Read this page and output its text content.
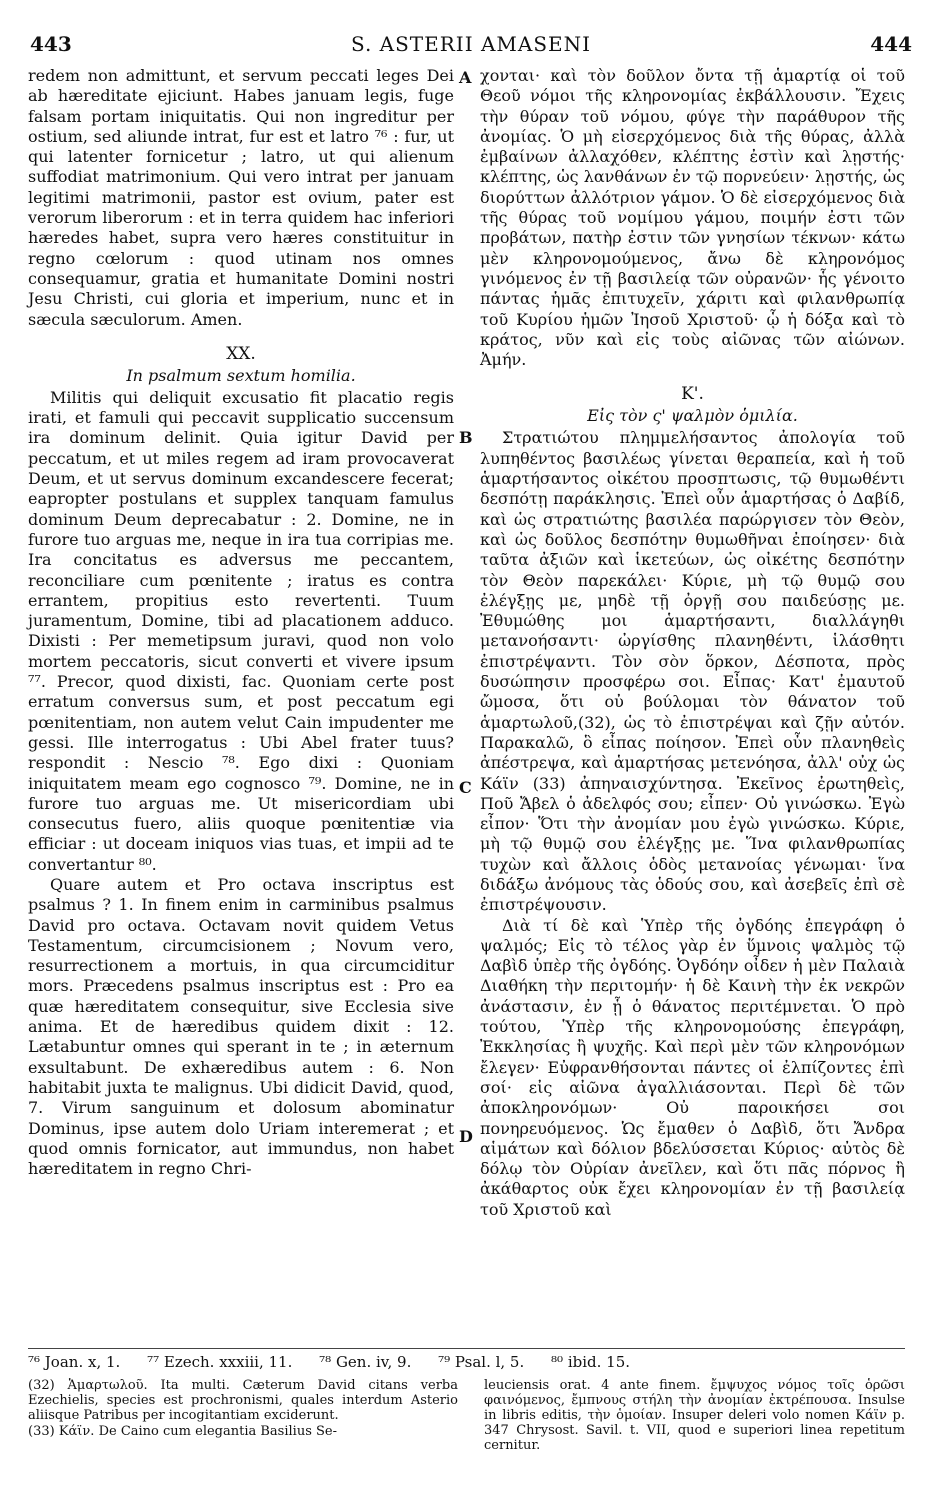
443	S. ASTERII AMASENI	444
A
B
C
D

redem non admittunt, et servum peccati leges Dei ab hæreditate ejiciunt. Habes januam legis, fuge falsam portam iniquitatis. Qui non ingreditur per ostium, sed aliunde intrat, fur est et latro ⁷⁶ : fur, ut qui latenter fornicetur ; latro, ut qui alienum suffodiat matrimonium. Qui vero intrat per januam legitimi matrimonii, pastor est ovium, pater est verorum liberorum : et in terra quidem hac inferiori hæredes habet, supra vero hæres constituitur in regno cœlorum : quod utinam nos omnes consequamur, gratia et humanitate Domini nostri Jesu Christi, cui gloria et imperium, nunc et in sæcula sæculorum. Amen.

XX.
In psalmum sextum homilia.

Militis qui deliquit excusatio fit placatio regis irati, et famuli qui peccavit supplicatio succensum ira dominum delinit. Quia igitur David per peccatum, et ut miles regem ad iram provocaverat Deum, et ut servus dominum excandescere fecerat; eapropter postulans et supplex tanquam famulus dominum Deum deprecabatur : 2. Domine, ne in furore tuo arguas me, neque in ira tua corripias me. Ira concitatus es adversus me peccantem, reconciliare cum pœnitente ; iratus es contra errantem, propitius esto revertenti. Tuum juramentum, Domine, tibi ad placationem adduco. Dixisti : Per memetipsum juravi, quod non volo mortem peccatoris, sicut converti et vivere ipsum ⁷⁷. Precor, quod dixisti, fac. Quoniam certe post erratum conversus sum, et post peccatum egi pœnitentiam, non autem velut Cain impudenter me gessi. Ille interrogatus : Ubi Abel frater tuus? respondit : Nescio ⁷⁸. Ego dixi : Quoniam iniquitatem meam ego cognosco ⁷⁹. Domine, ne in furore tuo arguas me. Ut misericordiam ubi consecutus fuero, aliis quoque pœnitentiæ via efficiar : ut doceam iniquos vias tuas, et impii ad te convertantur ⁸⁰.

Quare autem et Pro octava inscriptus est psalmus ? 1. In finem enim in carminibus psalmus David pro octava. Octavam novit quidem Vetus Testamentum, circumcisionem ; Novum vero, resurrectionem a mortuis, in qua circumciditur mors. Præcedens psalmus inscriptus est : Pro ea quæ hæreditatem consequitur, sive Ecclesia sive anima. Et de hæredibus quidem dixit : 12. Lætabuntur omnes qui sperant in te ; in æternum exsultabunt. De exhæredibus autem : 6. Non habitabit juxta te malignus. Ubi didicit David, quod, 7. Virum sanguinum et dolosum abominatur Dominus, ipse autem dolo Uriam interemerat ; et quod omnis fornicator, aut immundus, non habet hæreditatem in regno Chri-

χονται· καὶ τὸν δοῦλον ὄντα τῇ ἁμαρτίᾳ οἱ τοῦ Θεοῦ νόμοι τῆς κληρονομίας ἐκβάλλουσιν. Ἔχεις τὴν θύραν τοῦ νόμου, φύγε τὴν παράθυρον τῆς ἀνομίας. Ὁ μὴ εἰσερχόμενος διὰ τῆς θύρας, ἀλλὰ ἐμβαίνων ἀλλαχόθεν, κλέπτης ἐστὶν καὶ λῃστής· κλέπτης, ὡς λανθάνων ἐν τῷ πορνεύειν· λῃστής, ὡς διορύττων ἀλλότριον γάμον. Ὁ δὲ εἰσερχόμενος διὰ τῆς θύρας τοῦ νομίμου γάμου, ποιμήν ἐστι τῶν προβάτων, πατὴρ ἐστιν τῶν γνησίων τέκνων· κάτω μὲν κληρονομούμενος, ἄνω δὲ κληρονόμος γινόμενος ἐν τῇ βασιλείᾳ τῶν οὐρανῶν· ἧς γένοιτο πάντας ἡμᾶς ἐπιτυχεῖν, χάριτι καὶ φιλανθρωπίᾳ τοῦ Κυρίου ἡμῶν Ἰησοῦ Χριστοῦ· ᾧ ἡ δόξα καὶ τὸ κράτος, νῦν καὶ εἰς τοὺς αἰῶνας τῶν αἰώνων. Ἀμήν.

Κ'.
Εἰς τὸν ς' ψαλμὸν ὁμιλία.

Στρατιώτου πλημμελήσαντος ἀπολογία τοῦ λυπηθέντος βασιλέως γίνεται θεραπεία, καὶ ἡ τοῦ ἁμαρτήσαντος οἰκέτου προσπτωσις, τῷ θυμωθέντι δεσπότῃ παράκλησις. Ἐπεὶ οὖν ἁμαρτήσας ὁ Δαβίδ, καὶ ὡς στρατιώτης βασιλέα παρώργισεν τὸν Θεὸν, καὶ ὡς δοῦλος δεσπότην θυμωθῆναι ἐποίησεν· διὰ ταῦτα ἀξιῶν καὶ ἱκετεύων, ὡς οἰκέτης δεσπότην τὸν Θεὸν παρεκάλει· Κύριε, μὴ τῷ θυμῷ σου ἐλέγξῃς με, μηδὲ τῇ ὀργῇ σου παιδεύσῃς με. Ἐθυμώθης μοι ἁμαρτήσαντι, διαλλάγηθι μετανοήσαντι· ὠργίσθης πλανηθέντι, ἱλάσθητι ἐπιστρέψαντι. Τὸν σὸν ὅρκον, Δέσποτα, πρὸς δυσώπησιν προσφέρω σοι. Εἶπας· Κατ' ἐμαυτοῦ ὤμοσα, ὅτι οὐ βούλομαι τὸν θάνατον τοῦ ἁμαρτωλοῦ,(32), ὡς τὸ ἐπιστρέψαι καὶ ζῇν αὐτόν. Παρακαλῶ, ὃ εἶπας ποίησον. Ἐπεὶ οὖν πλανηθεὶς ἀπέστρεψα, καὶ ἁμαρτήσας μετενόησα, ἀλλ' οὐχ ὡς Κάϊν (33) ἀπηναισχύντησα. Ἐκεῖνος ἐρωτηθεὶς, Ποῦ Ἄβελ ὁ ἀδελφός σου; εἶπεν· Οὐ γινώσκω. Ἐγὼ εἶπον· Ὅτι τὴν ἀνομίαν μου ἐγὼ γινώσκω. Κύριε, μὴ τῷ θυμῷ σου ἐλέγξῃς με. Ἵνα φιλανθρωπίας τυχὼν καὶ ἄλλοις ὁδὸς μετανοίας γένωμαι· ἵνα διδάξω ἀνόμους τὰς ὁδούς σου, καὶ ἀσεβεῖς ἐπὶ σὲ ἐπιστρέψουσιν.

Διὰ τί δὲ καὶ Ὑπὲρ τῆς ὀγδόης ἐπεγράφη ὁ ψαλμός; Εἰς τὸ τέλος γὰρ ἐν ὕμνοις ψαλμὸς τῷ Δαβὶδ ὑπὲρ τῆς ὀγδόης. Ὀγδόην οἶδεν ἡ μὲν Παλαιὰ Διαθήκη τὴν περιτομήν· ἡ δὲ Καινὴ τὴν ἐκ νεκρῶν ἀνάστασιν, ἐν ᾗ ὁ θάνατος περιτέμνεται. Ὁ πρὸ τούτου, Ὑπὲρ τῆς κληρονομούσης ἐπεγράφη, Ἐκκλησίας ἢ ψυχῆς. Καὶ περὶ μὲν τῶν κληρονόμων ἔλεγεν· Εὐφρανθήσονται πάντες οἱ ἐλπίζοντες ἐπὶ σοί· εἰς αἰῶνα ἀγαλλιάσονται. Περὶ δὲ τῶν ἀποκληρονόμων· Οὐ παροικήσει σοι πονηρευόμενος. Ὡς ἔμαθεν ὁ Δαβὶδ, ὅτι Ἄνδρα αἱμάτων καὶ δόλιον βδελύσσεται Κύριος· αὐτὸς δὲ δόλῳ τὸν Οὐρίαν ἀνεῖλεν, καὶ ὅτι πᾶς πόρνος ἢ ἀκάθαρτος οὐκ ἔχει κληρονομίαν ἐν τῇ βασιλείᾳ τοῦ Χριστοῦ καὶ

⁷⁶ Joan. x, 1. ⁷⁷ Ezech. xxxiii, 11. ⁷⁸ Gen. iv, 9. ⁷⁹ Psal. l, 5. ⁸⁰ ibid. 15.

(32) Ἁμαρτωλοῦ. Ita multi. Cæterum David citans verba Ezechielis, species est prochronismi, quales interdum Asterio aliisque Patribus per incogitantiam exciderunt.

(33) Κάϊν. De Caino cum elegantia Basilius Se-

leuciensis orat. 4 ante finem. ἔμψυχος νόμος τοῖς ὁρῶσι φαινόμενος, ἔμπνους στήλη τὴν ἀνομίαν ἐκτρέπουσα. Insulse in libris editis, τὴν ὁμοίαν. Insuper deleri volo nomen Κάϊν p. 347 Chrysost. Savil. t. VII, quod e superiori linea repetitum cernitur.
